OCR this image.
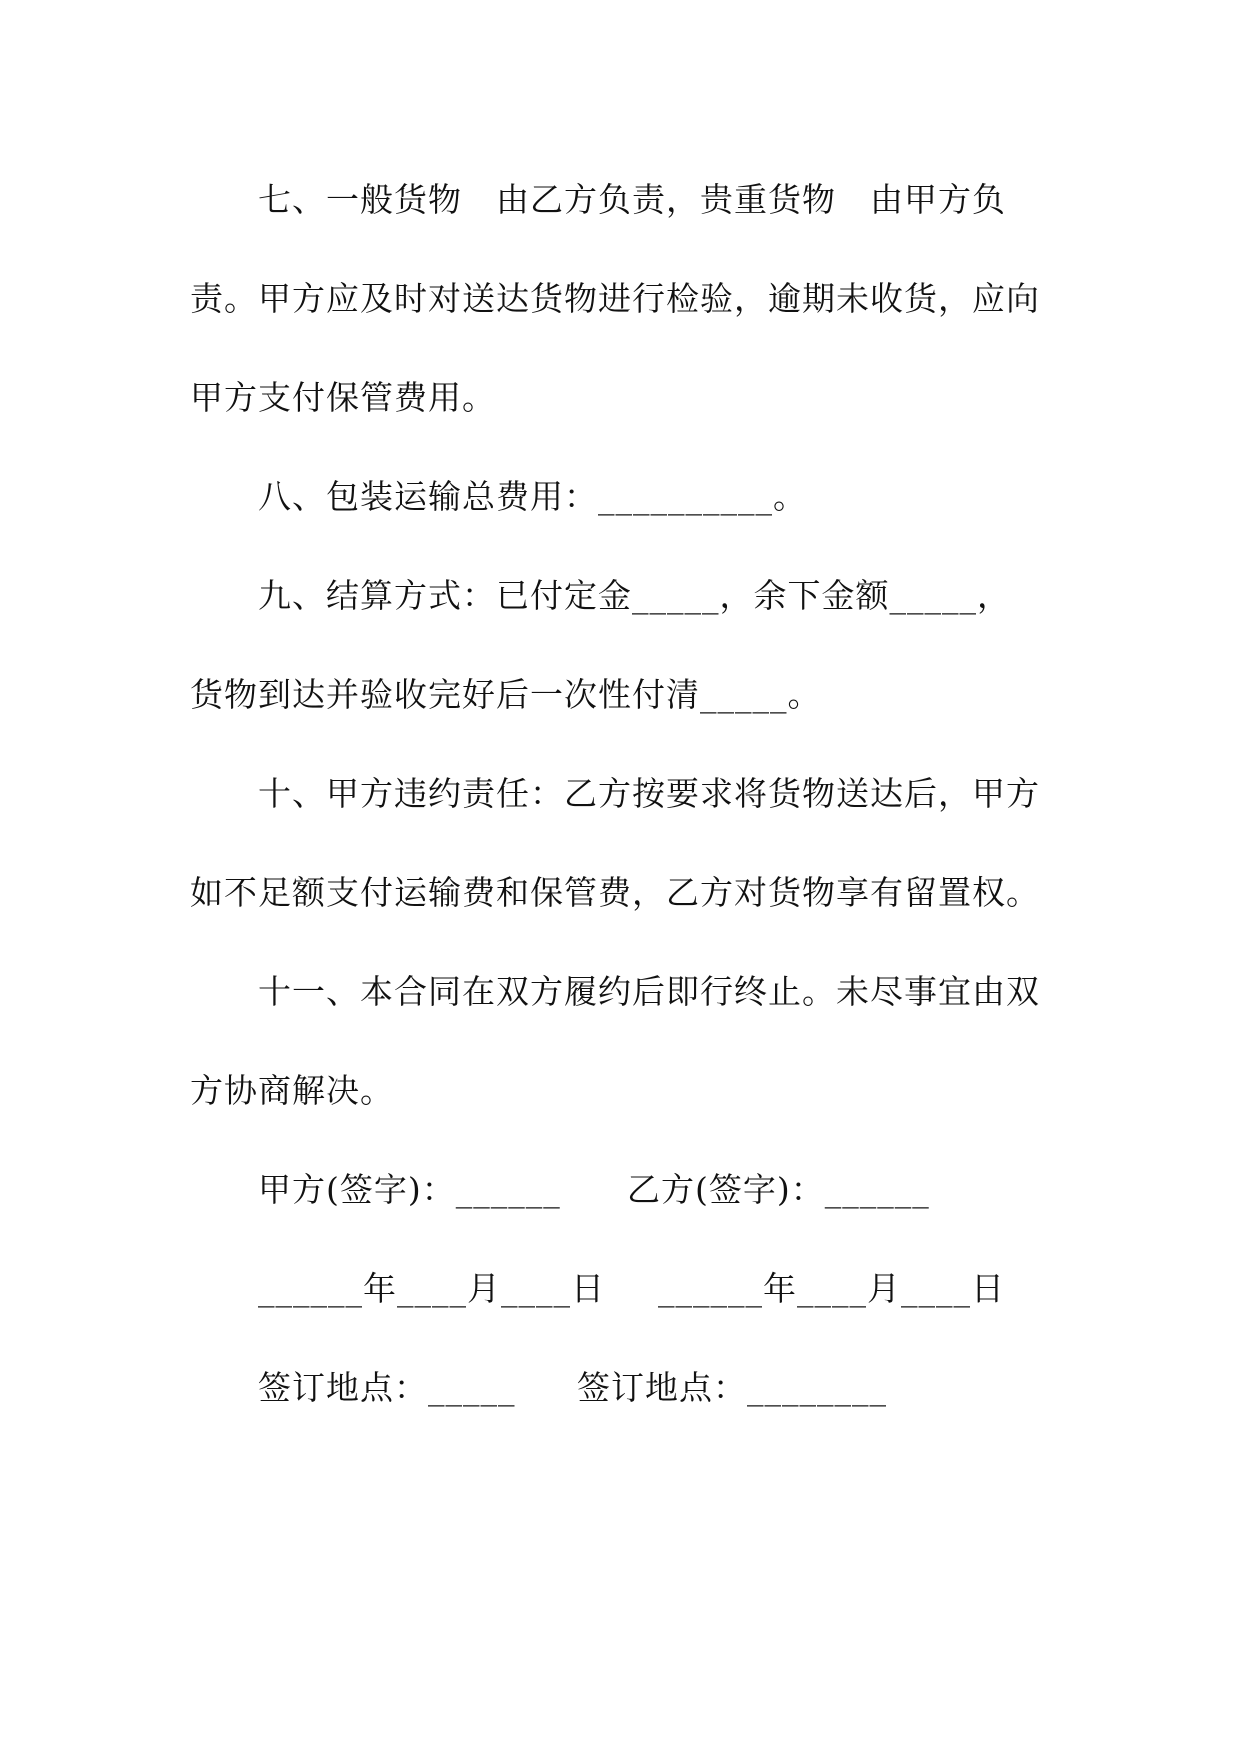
七、一般货物　由乙方负责，贵重货物　由甲方负
责。甲方应及时对送达货物进行检验，逾期未收货，应向
甲方支付保管费用。
八、包装运输总费用：__________。
九、结算方式：已付定金_____，余下金额_____，
货物到达并验收完好后一次性付清_____。
十、甲方违约责任：乙方按要求将货物送达后，甲方
如不足额支付运输费和保管费，乙方对货物享有留置权。
十一、本合同在双方履约后即行终止。未尽事宜由双
方协商解决。
甲方(签字)：______ 乙方(签字)：______
______年____月____日 ______年____月____日
签订地点：_____ 签订地点：________
